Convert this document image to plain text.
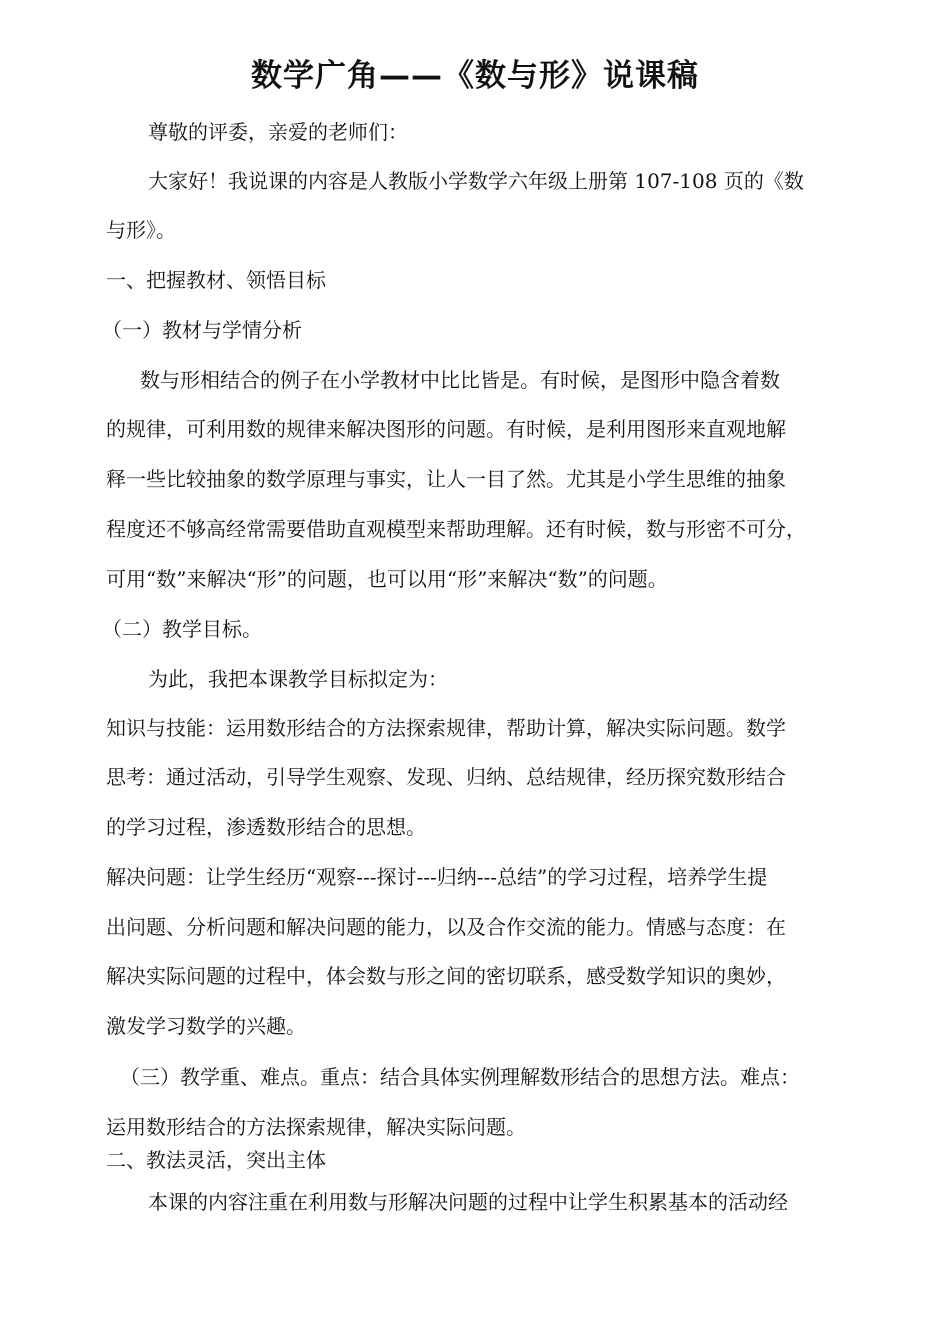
数学广角——《数与形》说课稿
尊敬的评委，亲爱的老师们：
大家好！我说课的内容是人教版小学数学六年级上册第 107-108 页的《数
与形》。
一、把握教材、领悟目标
（一）教材与学情分析
数与形相结合的例子在小学教材中比比皆是。有时候，是图形中隐含着数
的规律，可利用数的规律来解决图形的问题。有时候，是利用图形来直观地解
释一些比较抽象的数学原理与事实，让人一目了然。尤其是小学生思维的抽象
程度还不够高经常需要借助直观模型来帮助理解。还有时候，数与形密不可分，
可用“数”来解决“形”的问题，也可以用“形”来解决“数”的问题。
（二）教学目标。
为此，我把本课教学目标拟定为：
知识与技能：运用数形结合的方法探索规律，帮助计算，解决实际问题。数学
思考：通过活动，引导学生观察、发现、归纳、总结规律，经历探究数形结合
的学习过程，渗透数形结合的思想。
解决问题：让学生经历“观察---探讨---归纳---总结”的学习过程，培养学生提
出问题、分析问题和解决问题的能力，以及合作交流的能力。情感与态度：在
解决实际问题的过程中，体会数与形之间的密切联系，感受数学知识的奥妙，
激发学习数学的兴趣。
（三）教学重、难点。重点：结合具体实例理解数形结合的思想方法。难点：
运用数形结合的方法探索规律，解决实际问题。
二、教法灵活，突出主体
本课的内容注重在利用数与形解决问题的过程中让学生积累基本的活动经
